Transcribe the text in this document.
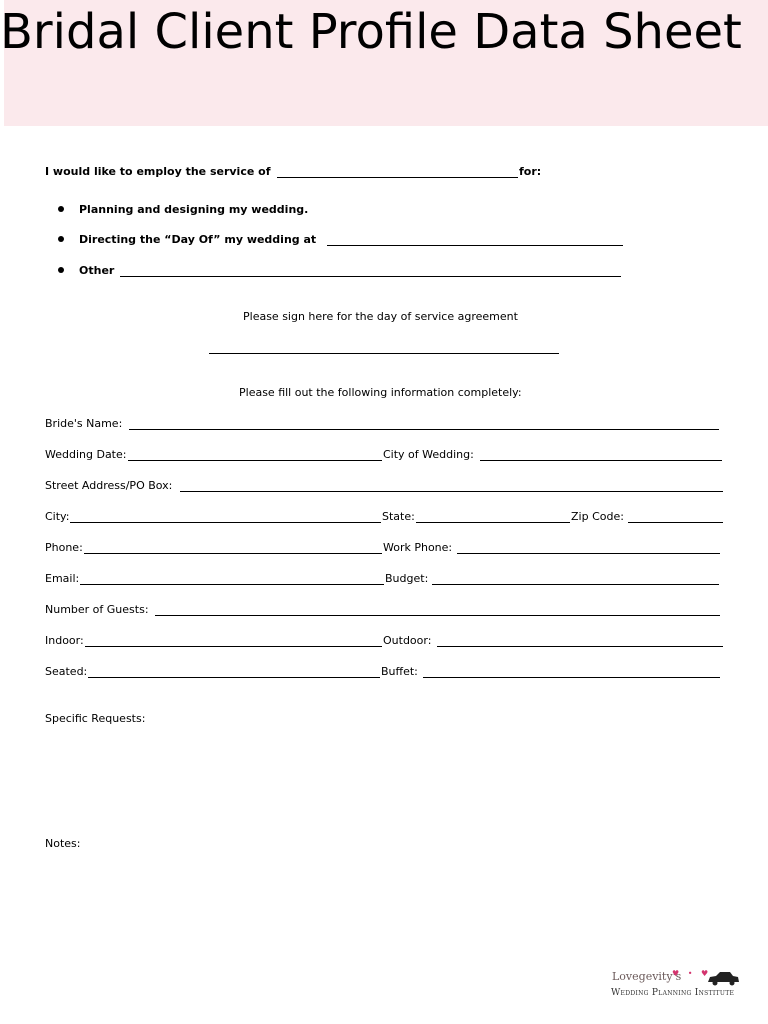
Bridal Client Profile Data Sheet
I would like to employ the service of	for:
Planning and designing my wedding.
Directing the “Day Of” my wedding at
Other
Please sign here for the day of service agreement
Please fill out the following information completely:
Bride's Name:
Wedding Date:	City of Wedding:
Street Address/PO Box:
City:	State:	Zip Code:
Phone:	Work Phone:
Email:	Budget:
Number of Guests:
Indoor:	Outdoor:
Seated:	Buffet:
Specific Requests:
Notes:
Lovegevity's
♥ • ♥
Wedding Planning Institute
